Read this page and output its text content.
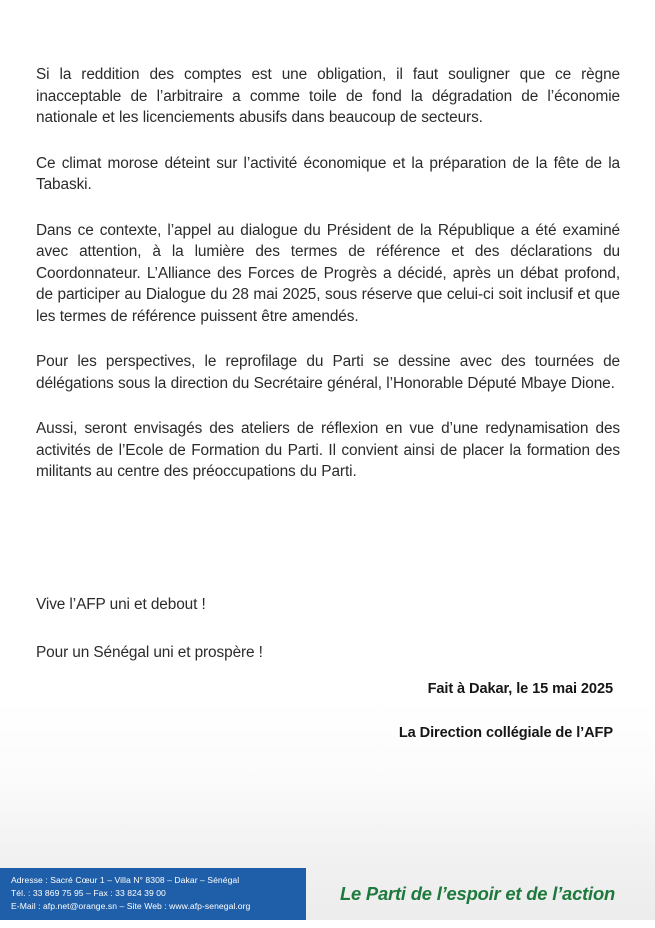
Si la reddition des comptes est une obligation, il faut souligner que ce règne inacceptable de l’arbitraire a comme toile de fond la dégradation de l’économie nationale et les licenciements abusifs dans beaucoup de secteurs.

Ce climat morose déteint sur l’activité économique et la préparation de la fête de la Tabaski.

Dans ce contexte, l’appel au dialogue du Président de la République a été examiné avec attention, à la lumière des termes de référence et des déclarations du Coordonnateur. L’Alliance des Forces de Progrès a décidé, après un débat profond, de participer au Dialogue du 28 mai 2025, sous réserve que celui-ci soit inclusif et que les termes de référence puissent être amendés.

Pour les perspectives, le reprofilage du Parti se dessine avec des tournées de délégations sous la direction du Secrétaire général, l’Honorable Député Mbaye Dione.

Aussi, seront envisagés des ateliers de réflexion en vue d’une redynamisation des activités de l’Ecole de Formation du Parti. Il convient ainsi de placer la formation des militants au centre des préoccupations du Parti.

Vive l’AFP uni et debout !

Pour un Sénégal uni et prospère !

Fait à Dakar, le 15 mai 2025

La Direction collégiale de l’AFP

Adresse : Sacré Cœur 1 – Villa N° 8308 – Dakar – Sénégal
Tél. : 33 869 75 95 – Fax : 33 824 39 00
E-Mail : afp.net@orange.sn – Site Web : www.afp-senegal.org
Le Parti de l’espoir et de l’action
